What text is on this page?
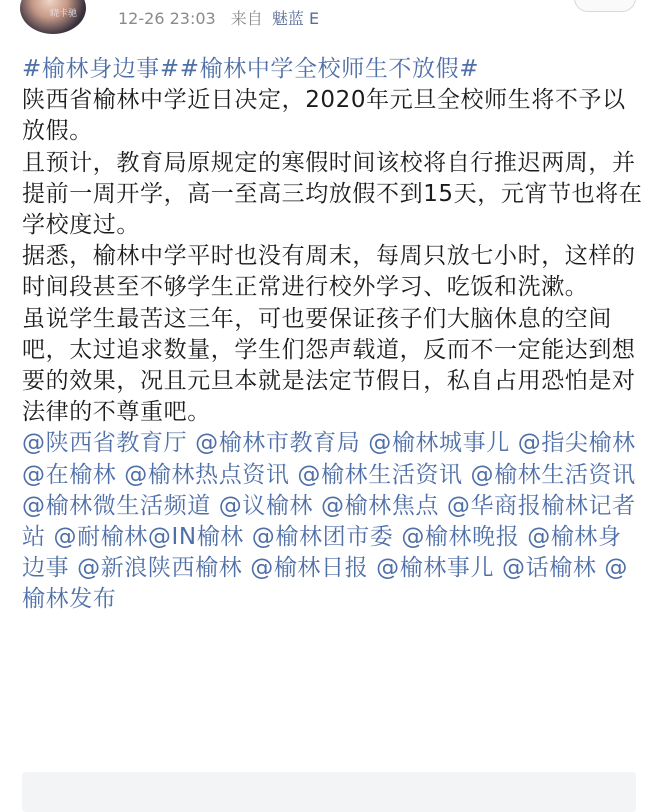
晓卡驰	12-26 23:03 来自 魅蓝 E

#榆林身边事##榆林中学全校师生不放假#

陕西省榆林中学近日决定，2020年元旦全校师生将不予以放假。

且预计，教育局原规定的寒假时间该校将自行推迟两周，并提前一周开学，高一至高三均放假不到15天，元宵节也将在学校度过。

据悉，榆林中学平时也没有周末，每周只放七小时，这样的时间段甚至不够学生正常进行校外学习、吃饭和洗漱。

虽说学生最苦这三年，可也要保证孩子们大脑休息的空间吧，太过追求数量，学生们怨声载道，反而不一定能达到想要的效果，况且元旦本就是法定节假日，私自占用恐怕是对法律的不尊重吧。

@陕西省教育厅 @榆林市教育局 @榆林城事儿 @指尖榆林 @在榆林 @榆林热点资讯 @榆林生活资讯 @榆林生活资讯 @榆林微生活频道 @议榆林 @榆林焦点 @华商报榆林记者站 @耐榆林@IN榆林 @榆林团市委 @榆林晚报 @榆林身边事 @新浪陕西榆林 @榆林日报 @榆林事儿 @话榆林 @榆林发布
